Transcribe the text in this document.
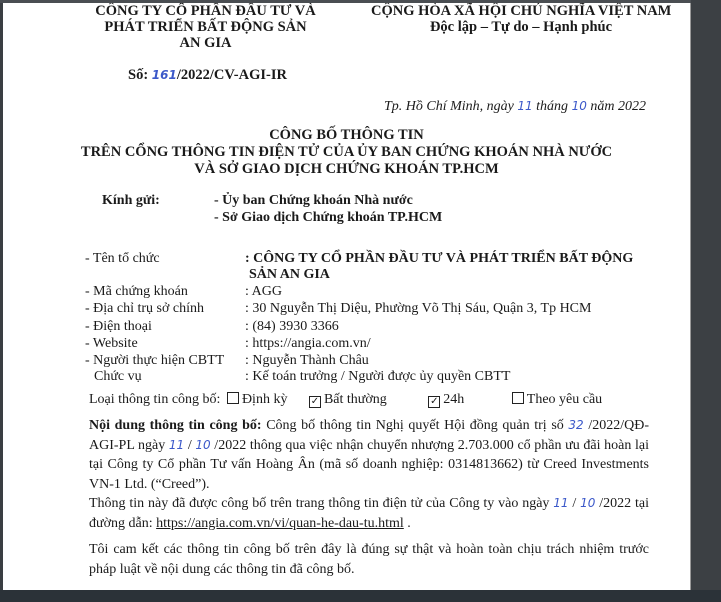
CÔNG TY CỔ PHẦN ĐẦU TƯ VÀ
PHÁT TRIỂN BẤT ĐỘNG SẢN
AN GIA
Số: 161/2022/CV-AGI-IR
CỘNG HÒA XÃ HỘI CHỦ NGHĨA VIỆT NAM
Độc lập – Tự do – Hạnh phúc
Tp. Hồ Chí Minh, ngày 11 tháng 10 năm 2022
CÔNG BỐ THÔNG TIN
TRÊN CỔNG THÔNG TIN ĐIỆN TỬ CỦA ỦY BAN CHỨNG KHOÁN NHÀ NƯỚC
VÀ SỞ GIAO DỊCH CHỨNG KHOÁN TP.HCM
Kính gửi:	- Ủy ban Chứng khoán Nhà nước
- Sở Giao dịch Chứng khoán TP.HCM
- Tên tổ chức	: CÔNG TY CỔ PHẦN ĐẦU TƯ VÀ PHÁT TRIỂN BẤT ĐỘNG
SẢN AN GIA
- Mã chứng khoán	: AGG
- Địa chỉ trụ sở chính	: 30 Nguyễn Thị Diệu, Phường Võ Thị Sáu, Quận 3, Tp HCM
- Điện thoại	: (84) 3930 3366
- Website	: https://angia.com.vn/
- Người thực hiện CBTT : Nguyễn Thành Châu
Chức vụ	: Kế toán trưởng / Người được ủy quyền CBTT
Loại thông tin công bố: Định kỳ ✓ Bất thường	✓ 24h	Theo yêu cầu
Nội dung thông tin công bố: Công bố thông tin Nghị quyết Hội đồng quản trị số 32 /2022/QĐ-AGI-PL ngày 11 / 10 /2022 thông qua việc nhận chuyển nhượng 2.703.000 cổ phần ưu đãi hoàn lại tại Công ty Cổ phần Tư vấn Hoàng Ân (mã số doanh nghiệp: 0314813662) từ Creed Investments VN-1 Ltd. (“Creed”).
Thông tin này đã được công bố trên trang thông tin điện tử của Công ty vào ngày 11 / 10 /2022 tại đường dẫn: https://angia.com.vn/vi/quan-he-dau-tu.html .
Tôi cam kết các thông tin công bố trên đây là đúng sự thật và hoàn toàn chịu trách nhiệm trước pháp luật về nội dung các thông tin đã công bố.
